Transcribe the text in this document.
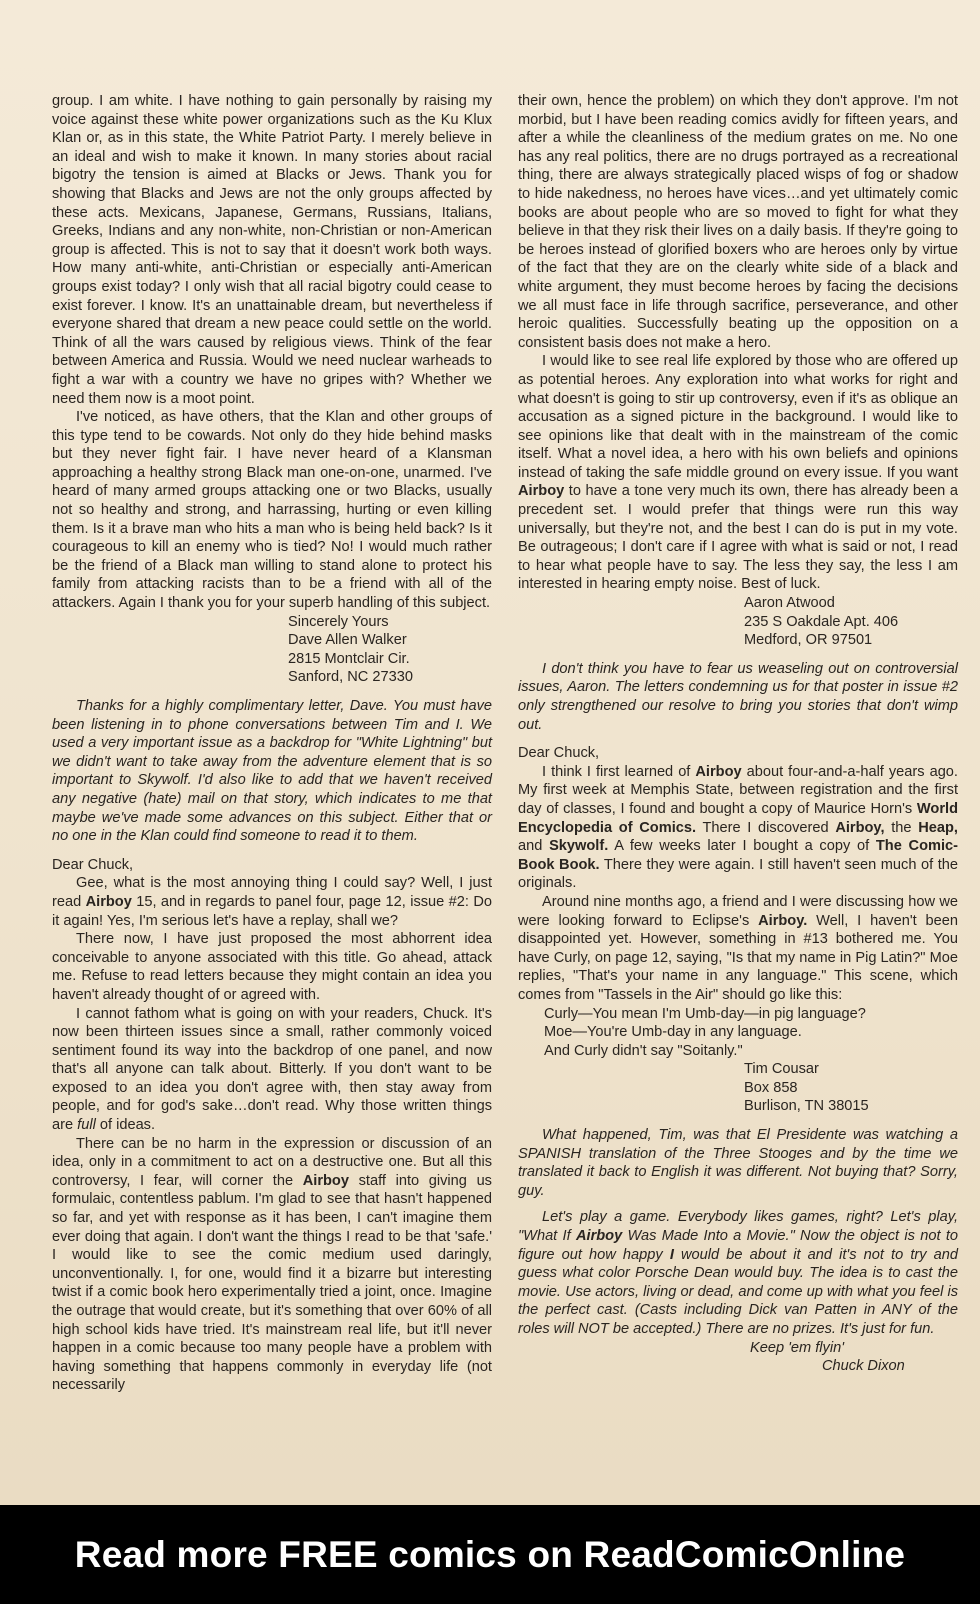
group. I am white. I have nothing to gain personally by raising my voice against these white power organizations such as the Ku Klux Klan or, as in this state, the White Patriot Party. I merely believe in an ideal and wish to make it known. In many stories about racial bigotry the tension is aimed at Blacks or Jews. Thank you for showing that Blacks and Jews are not the only groups affected by these acts. Mexicans, Japanese, Germans, Russians, Italians, Greeks, Indians and any non-white, non-Christian or non-American group is affected. This is not to say that it doesn't work both ways. How many anti-white, anti-Christian or especially anti-American groups exist today? I only wish that all racial bigotry could cease to exist forever. I know. It's an unattainable dream, but nevertheless if everyone shared that dream a new peace could settle on the world. Think of all the wars caused by religious views. Think of the fear between America and Russia. Would we need nuclear warheads to fight a war with a country we have no gripes with? Whether we need them now is a moot point.

I've noticed, as have others, that the Klan and other groups of this type tend to be cowards. Not only do they hide behind masks but they never fight fair. I have never heard of a Klansman approaching a healthy strong Black man one-on-one, unarmed. I've heard of many armed groups attacking one or two Blacks, usually not so healthy and strong, and harrassing, hurting or even killing them. Is it a brave man who hits a man who is being held back? Is it courageous to kill an enemy who is tied? No! I would much rather be the friend of a Black man willing to stand alone to protect his family from attacking racists than to be a friend with all of the attackers. Again I thank you for your superb handling of this subject.

Sincerely Yours
Dave Allen Walker
2815 Montclair Cir.
Sanford, NC 27330

Thanks for a highly complimentary letter, Dave. You must have been listening in to phone conversations between Tim and I. We used a very important issue as a backdrop for "White Lightning" but we didn't want to take away from the adventure element that is so important to Skywolf. I'd also like to add that we haven't received any negative (hate) mail on that story, which indicates to me that maybe we've made some advances on this subject. Either that or no one in the Klan could find someone to read it to them.

Dear Chuck,

Gee, what is the most annoying thing I could say? Well, I just read Airboy 15, and in regards to panel four, page 12, issue #2: Do it again! Yes, I'm serious let's have a replay, shall we?

There now, I have just proposed the most abhorrent idea conceivable to anyone associated with this title. Go ahead, attack me. Refuse to read letters because they might contain an idea you haven't already thought of or agreed with.

I cannot fathom what is going on with your readers, Chuck. It's now been thirteen issues since a small, rather commonly voiced sentiment found its way into the backdrop of one panel, and now that's all anyone can talk about. Bitterly. If you don't want to be exposed to an idea you don't agree with, then stay away from people, and for god's sake…don't read. Why those written things are full of ideas.

There can be no harm in the expression or discussion of an idea, only in a commitment to act on a destructive one. But all this controversy, I fear, will corner the Airboy staff into giving us formulaic, contentless pablum. I'm glad to see that hasn't happened so far, and yet with response as it has been, I can't imagine them ever doing that again. I don't want the things I read to be that 'safe.' I would like to see the comic medium used daringly, unconventionally. I, for one, would find it a bizarre but interesting twist if a comic book hero experimentally tried a joint, once. Imagine the outrage that would create, but it's something that over 60% of all high school kids have tried. It's mainstream real life, but it'll never happen in a comic because too many people have a problem with having something that happens commonly in everyday life (not necessarily

their own, hence the problem) on which they don't approve. I'm not morbid, but I have been reading comics avidly for fifteen years, and after a while the cleanliness of the medium grates on me. No one has any real politics, there are no drugs portrayed as a recreational thing, there are always strategically placed wisps of fog or shadow to hide nakedness, no heroes have vices…and yet ultimately comic books are about people who are so moved to fight for what they believe in that they risk their lives on a daily basis. If they're going to be heroes instead of glorified boxers who are heroes only by virtue of the fact that they are on the clearly white side of a black and white argument, they must become heroes by facing the decisions we all must face in life through sacrifice, perseverance, and other heroic qualities. Successfully beating up the opposition on a consistent basis does not make a hero.

I would like to see real life explored by those who are offered up as potential heroes. Any exploration into what works for right and what doesn't is going to stir up controversy, even if it's as oblique an accusation as a signed picture in the background. I would like to see opinions like that dealt with in the mainstream of the comic itself. What a novel idea, a hero with his own beliefs and opinions instead of taking the safe middle ground on every issue. If you want Airboy to have a tone very much its own, there has already been a precedent set. I would prefer that things were run this way universally, but they're not, and the best I can do is put in my vote. Be outrageous; I don't care if I agree with what is said or not, I read to hear what people have to say. The less they say, the less I am interested in hearing empty noise. Best of luck.

Aaron Atwood
235 S Oakdale Apt. 406
Medford, OR 97501

I don't think you have to fear us weaseling out on controversial issues, Aaron. The letters condemning us for that poster in issue #2 only strengthened our resolve to bring you stories that don't wimp out.

Dear Chuck,

I think I first learned of Airboy about four-and-a-half years ago. My first week at Memphis State, between registration and the first day of classes, I found and bought a copy of Maurice Horn's World Encyclopedia of Comics. There I discovered Airboy, the Heap, and Skywolf. A few weeks later I bought a copy of The Comic-Book Book. There they were again. I still haven't seen much of the originals.

Around nine months ago, a friend and I were discussing how we were looking forward to Eclipse's Airboy. Well, I haven't been disappointed yet. However, something in #13 bothered me. You have Curly, on page 12, saying, "Is that my name in Pig Latin?" Moe replies, "That's your name in any language." This scene, which comes from "Tassels in the Air" should go like this:

Curly—You mean I'm Umb-day—in pig language?
Moe—You're Umb-day in any language.
And Curly didn't say "Soitanly."
Tim Cousar
Box 858
Burlison, TN 38015

What happened, Tim, was that El Presidente was watching a SPANISH translation of the Three Stooges and by the time we translated it back to English it was different. Not buying that? Sorry, guy.

Let's play a game. Everybody likes games, right? Let's play, "What If Airboy Was Made Into a Movie." Now the object is not to figure out how happy I would be about it and it's not to try and guess what color Porsche Dean would buy. The idea is to cast the movie. Use actors, living or dead, and come up with what you feel is the perfect cast. (Casts including Dick van Patten in ANY of the roles will NOT be accepted.) There are no prizes. It's just for fun.

Keep 'em flyin'
Chuck Dixon
Read more FREE comics on ReadComicOnline
